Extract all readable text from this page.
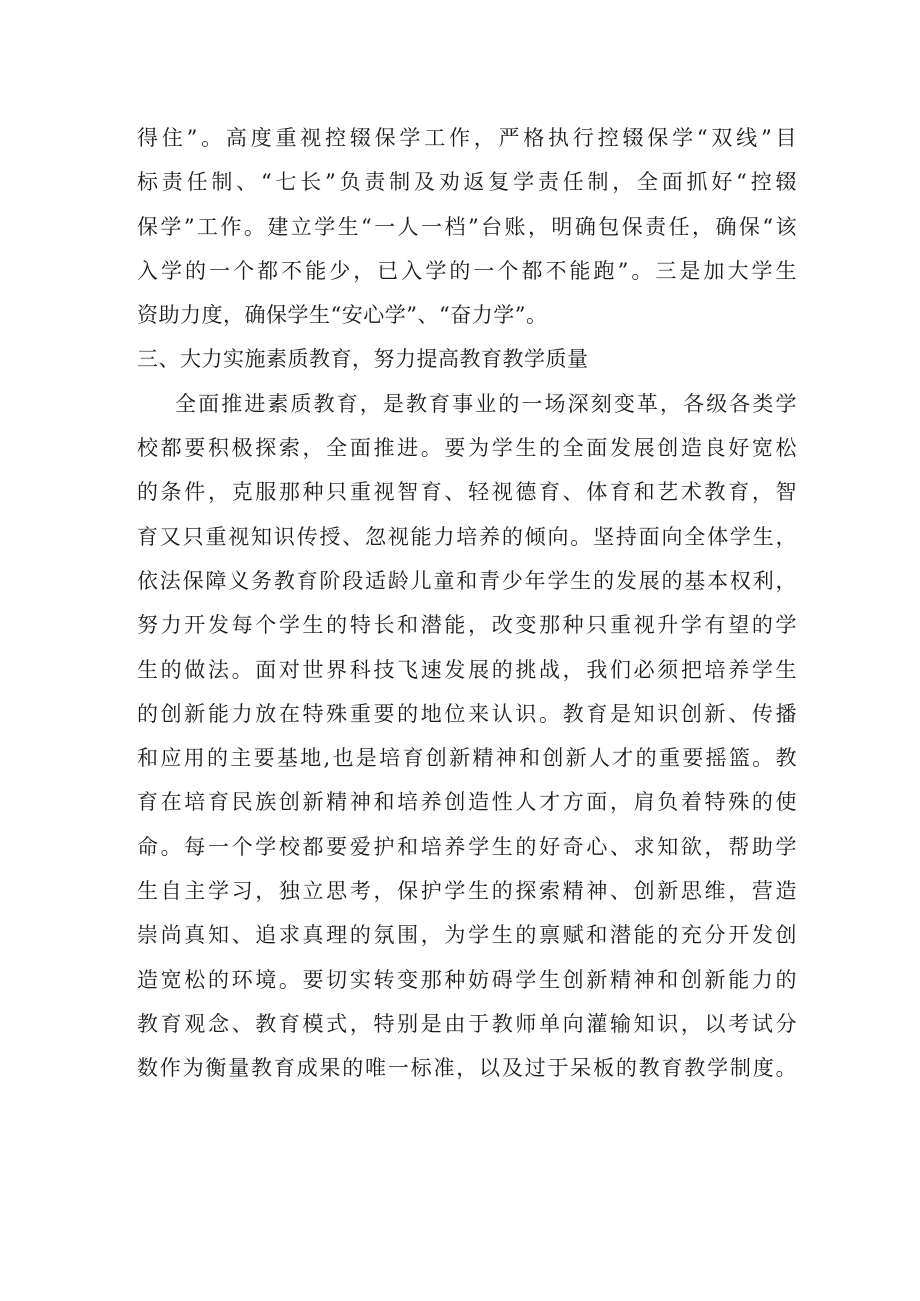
得住”。高度重视控辍保学工作，严格执行控辍保学“双线”目
标责任制、“七长”负责制及劝返复学责任制，全面抓好“控辍
保学”工作。建立学生“一人一档”台账，明确包保责任，确保“该
入学的一个都不能少，已入学的一个都不能跑”。三是加大学生
资助力度，确保学生“安心学”、“奋力学”。
三、大力实施素质教育，努力提高教育教学质量
全面推进素质教育，是教育事业的一场深刻变革，各级各类学
校都要积极探索，全面推进。要为学生的全面发展创造良好宽松
的条件，克服那种只重视智育、轻视德育、体育和艺术教育，智
育又只重视知识传授、忽视能力培养的倾向。坚持面向全体学生，
依法保障义务教育阶段适龄儿童和青少年学生的发展的基本权利，
努力开发每个学生的特长和潜能，改变那种只重视升学有望的学
生的做法。面对世界科技飞速发展的挑战，我们必须把培养学生
的创新能力放在特殊重要的地位来认识。教育是知识创新、传播
和应用的主要基地,也是培育创新精神和创新人才的重要摇篮。教
育在培育民族创新精神和培养创造性人才方面，肩负着特殊的使
命。每一个学校都要爱护和培养学生的好奇心、求知欲，帮助学
生自主学习，独立思考，保护学生的探索精神、创新思维，营造
崇尚真知、追求真理的氛围，为学生的禀赋和潜能的充分开发创
造宽松的环境。要切实转变那种妨碍学生创新精神和创新能力的
教育观念、教育模式，特别是由于教师单向灌输知识，以考试分
数作为衡量教育成果的唯一标准，以及过于呆板的教育教学制度。
